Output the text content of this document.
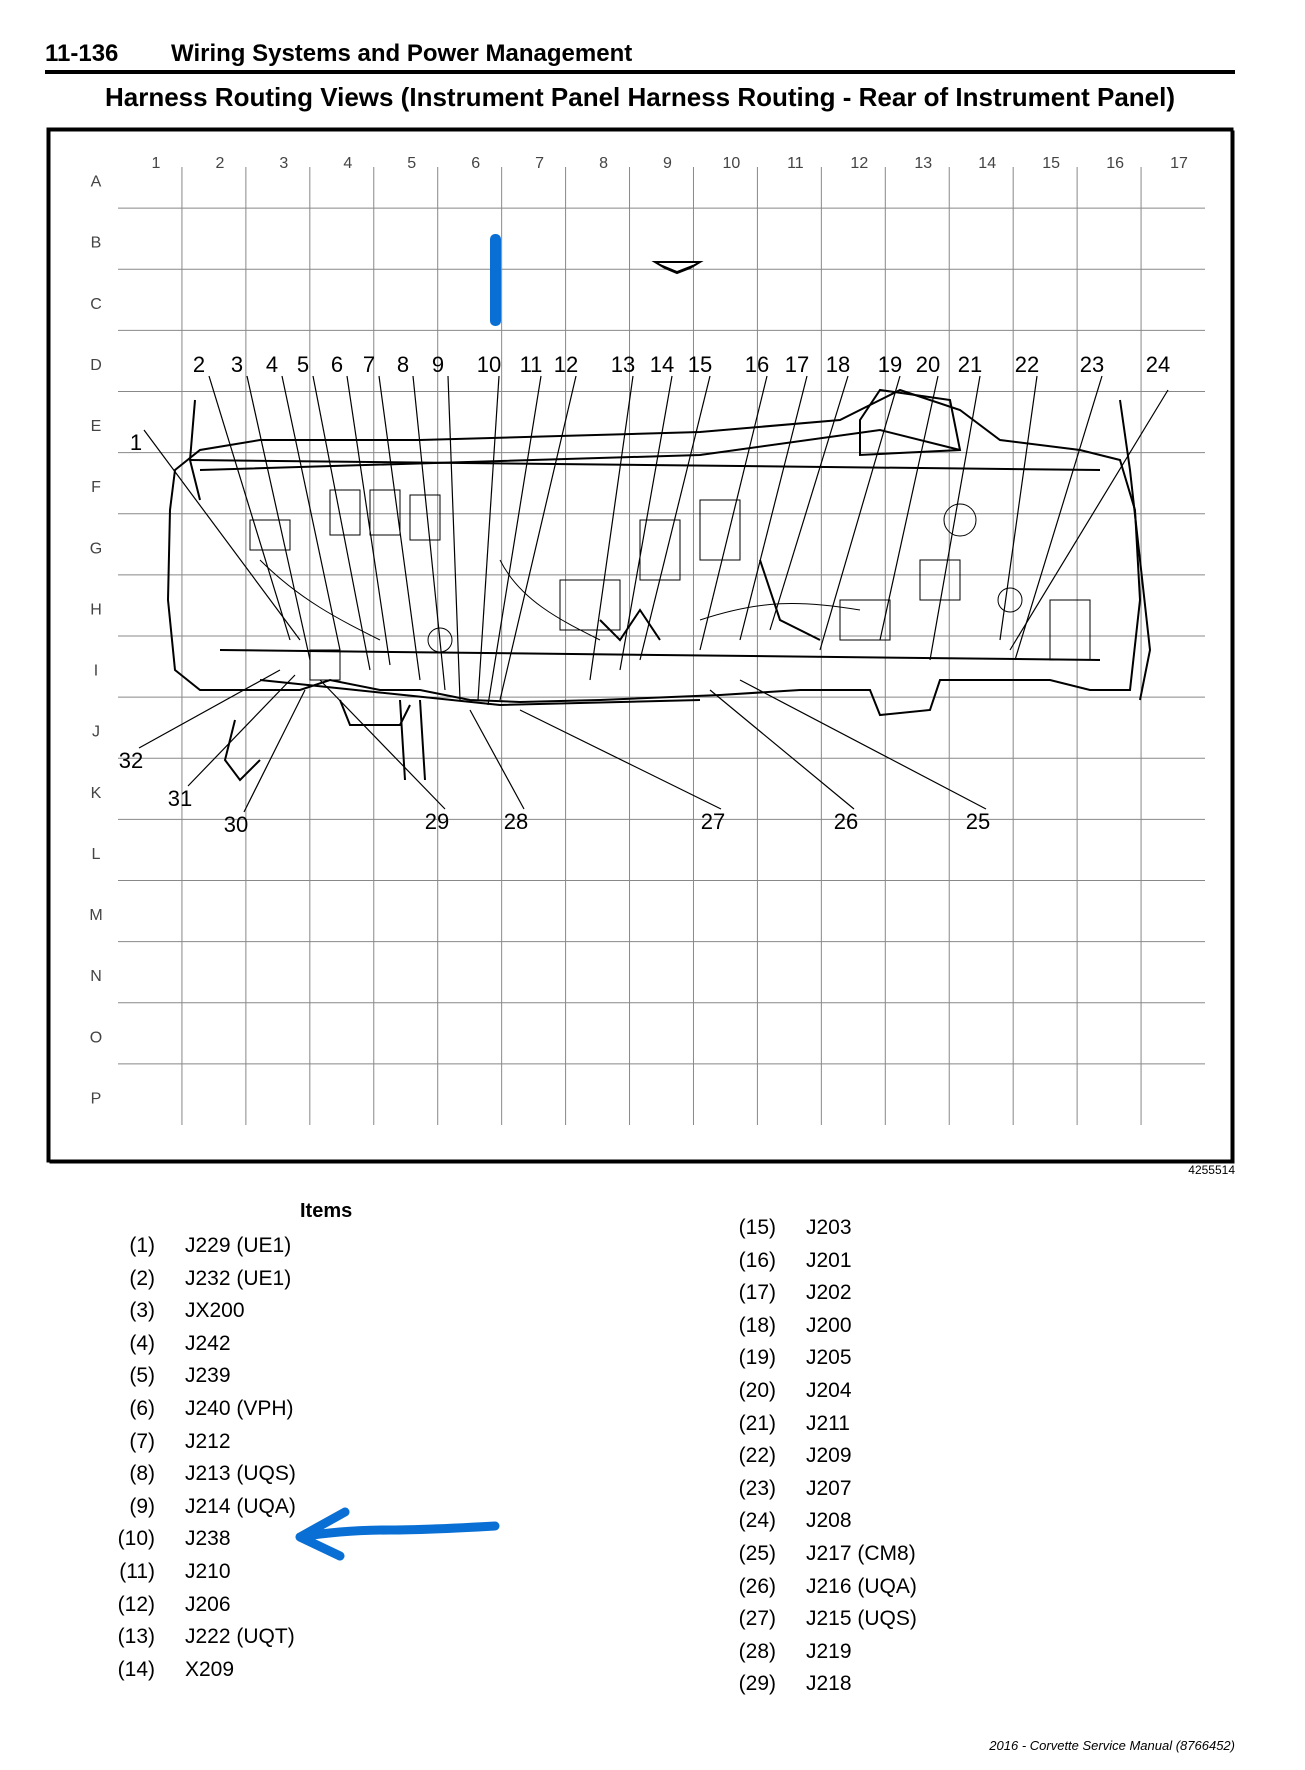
11-136 Wiring Systems and Power Management
Harness Routing Views (Instrument Panel Harness Routing - Rear of Instrument Panel)
1	2	3	4	5	6	7	8	9	10	11	12	13	14	15	16	17
A
B
C
D
E
F
G
H
I
J
K
L
M
N
O
P
2 3 4 5 6 7 8 9 10 11 12 13 14 15 16 17 18 19 20 21 22 23 24
1
32
31
30	29 28	27	26	25
4255514
Items
(1) J229 (UE1)
(2) J232 (UE1)
(3) JX200
(4) J242
(5) J239
(6) J240 (VPH)
(7) J212
(8) J213 (UQS)
(9) J214 (UQA)
(10) J238
(11) J210
(12) J206
(13) J222 (UQT)
(14) X209
(15) J203
(16) J201
(17) J202
(18) J200
(19) J205
(20) J204
(21) J211
(22) J209
(23) J207
(24) J208
(25) J217 (CM8)
(26) J216 (UQA)
(27) J215 (UQS)
(28) J219
(29) J218
2016 - Corvette Service Manual (8766452)
